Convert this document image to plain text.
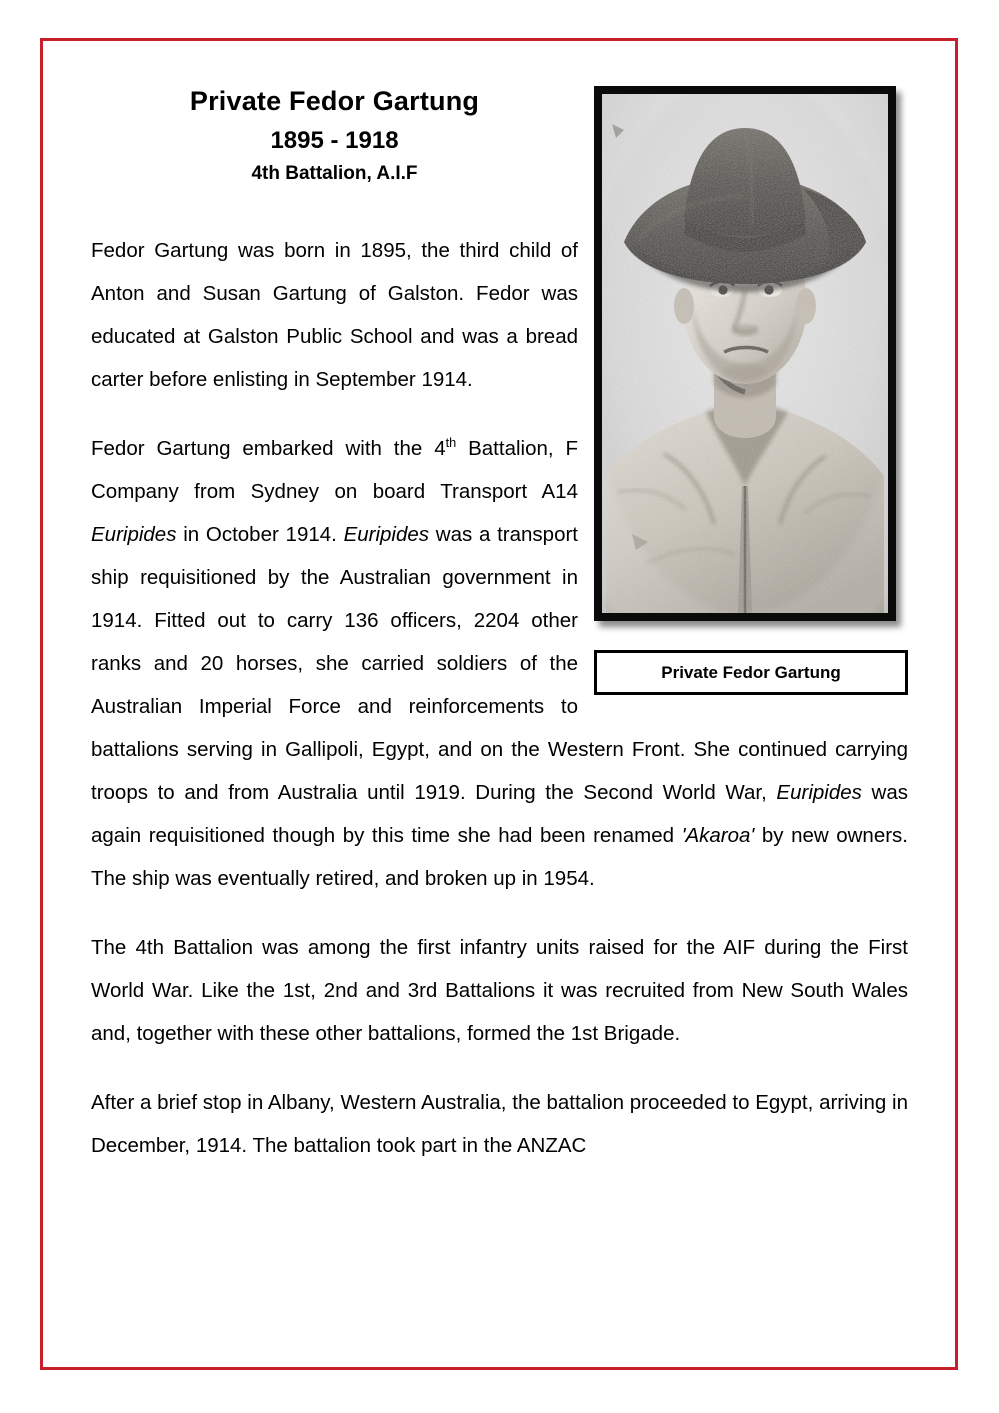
Private Fedor Gartung
Private Fedor Gartung
1895 - 1918
4th Battalion, A.I.F

Fedor Gartung was born in 1895, the third child of Anton and Susan Gartung of Galston. Fedor was educated at Galston Public School and was a bread carter before enlisting in September 1914.

Fedor Gartung embarked with the 4th Battalion, F Company from Sydney on board Transport A14 Euripides in October 1914. Euripides was a transport ship requisitioned by the Australian government in 1914. Fitted out to carry 136 officers, 2204 other ranks and 20 horses, she carried soldiers of the Australian Imperial Force and reinforcements to battalions serving in Gallipoli, Egypt, and on the Western Front. She continued carrying troops to and from Australia until 1919. During the Second World War, Euripides was again requisitioned though by this time she had been renamed 'Akaroa' by new owners. The ship was eventually retired, and broken up in 1954.

The 4th Battalion was among the first infantry units raised for the AIF during the First World War. Like the 1st, 2nd and 3rd Battalions it was recruited from New South Wales and, together with these other battalions, formed the 1st Brigade.

After a brief stop in Albany, Western Australia, the battalion proceeded to Egypt, arriving in December, 1914. The battalion took part in the ANZAC
